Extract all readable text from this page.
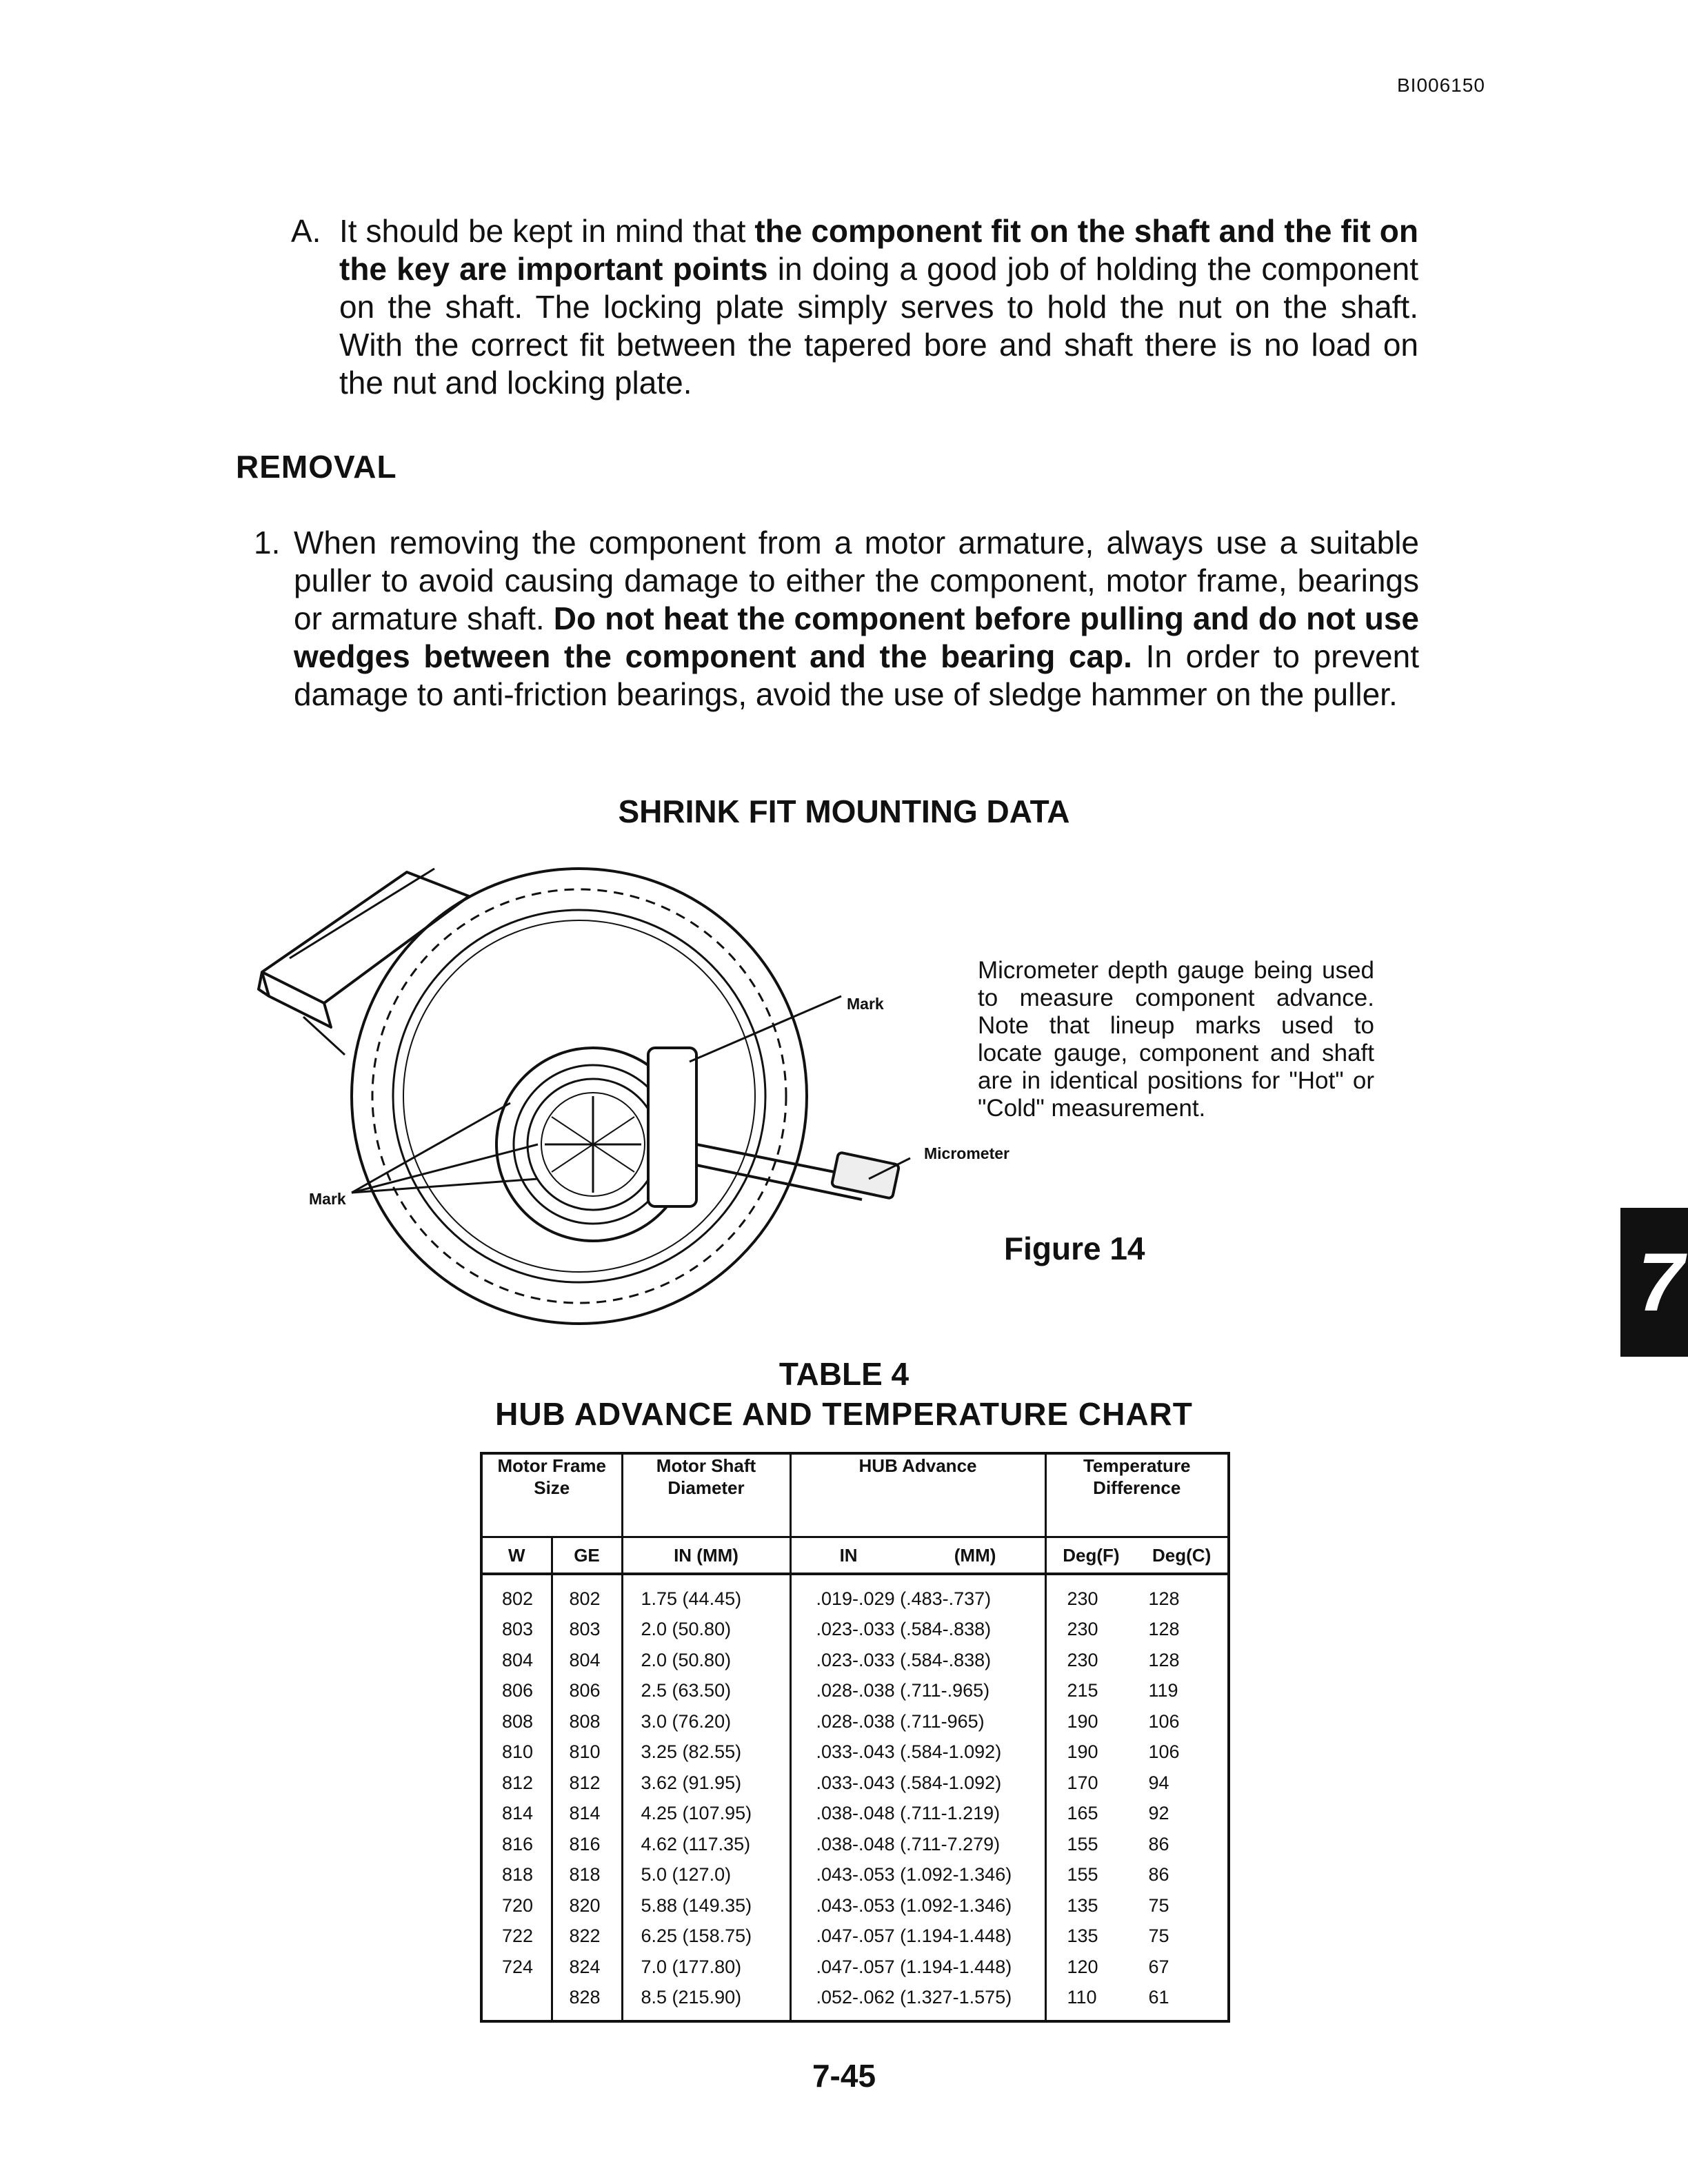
BI006150
A. It should be kept in mind that the component fit on the shaft and the fit on the key are important points in doing a good job of holding the component on the shaft. The locking plate simply serves to hold the nut on the shaft. With the correct fit between the tapered bore and shaft there is no load on the nut and locking plate.
REMOVAL
1. When removing the component from a motor armature, always use a suitable puller to avoid causing damage to either the component, motor frame, bearings or armature shaft. Do not heat the component before pulling and do not use wedges between the component and the bearing cap. In order to prevent damage to anti-friction bearings, avoid the use of sledge hammer on the puller.
SHRINK FIT MOUNTING DATA
Mark
Micrometer
Mark
Micrometer depth gauge being used to measure component advance. Note that lineup marks used to locate gauge, component and shaft are in identical positions for "Hot" or "Cold" measurement.
Figure 14	7
TABLE 4
HUB ADVANCE AND TEMPERATURE CHART
Motor Frame Size		Motor Shaft Diameter	HUB Advance	Temperature Difference
W	GE	IN (MM)	IN (MM)	Deg(F) Deg(C)

802	802	1.75 (44.45)	.019-.029 (.483-.737)	230 128
803	803	2.0 (50.80)	.023-.033 (.584-.838)	230 128
804	804	2.0 (50.80)	.023-.033 (.584-.838)	230 128
806	806	2.5 (63.50)	.028-.038 (.711-.965)	215 119
808	808	3.0 (76.20)	.028-.038 (.711-965)	190 106
810	810	3.25 (82.55)	.033-.043 (.584-1.092)	190 106
812	812	3.62 (91.95)	.033-.043 (.584-1.092)	170 94
814	814	4.25 (107.95)	.038-.048 (.711-1.219)	165 92
816	816	4.62 (117.35)	.038-.048 (.711-7.279)	155 86
818	818	5.0 (127.0)	.043-.053 (1.092-1.346)	155 86
720	820	5.88 (149.35)	.043-.053 (1.092-1.346)	135 75
722	822	6.25 (158.75)	.047-.057 (1.194-1.448)	135 75
724	824	7.0 (177.80)	.047-.057 (1.194-1.448)	120 67
	828	8.5 (215.90)	.052-.062 (1.327-1.575)	110 61
7-45
